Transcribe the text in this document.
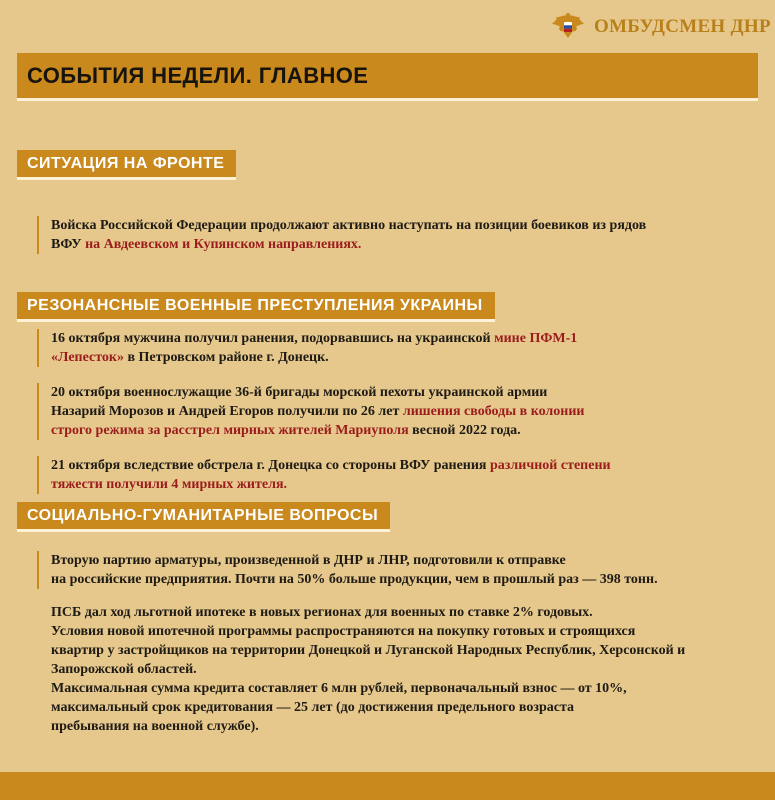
ОМБУДСМЕН ДНР
СОБЫТИЯ НЕДЕЛИ. ГЛАВНОЕ
СИТУАЦИЯ НА ФРОНТЕ
Войска Российской Федерации продолжают активно наступать на позиции боевиков из рядов
ВФУ на Авдеевском и Купянском направлениях.
РЕЗОНАНСНЫЕ ВОЕННЫЕ ПРЕСТУПЛЕНИЯ УКРАИНЫ
16 октября мужчина получил ранения, подорвавшись на украинской мине ПФМ-1
«Лепесток» в Петровском районе г. Донецк.
20 октября военнослужащие 36-й бригады морской пехоты украинской армии
Назарий Морозов и Андрей Егоров получили по 26 лет лишения свободы в колонии
строго режима за расстрел мирных жителей Мариуполя весной 2022 года.
21 октября вследствие обстрела г. Донецка со стороны ВФУ ранения различной степени
тяжести получили 4 мирных жителя.
СОЦИАЛЬНО-ГУМАНИТАРНЫЕ ВОПРОСЫ
Вторую партию арматуры, произведенной в ДНР и ЛНР, подготовили к отправке
на российские предприятия. Почти на 50% больше продукции, чем в прошлый раз — 398 тонн.
ПСБ дал ход льготной ипотеке в новых регионах для военных по ставке 2% годовых.
Условия новой ипотечной программы распространяются на покупку готовых и строящихся
квартир у застройщиков на территории Донецкой и Луганской Народных Республик, Херсонской и
Запорожской областей.
Максимальная сумма кредита составляет 6 млн рублей, первоначальный взнос — от 10%,
максимальный срок кредитования — 25 лет (до достижения предельного возраста
пребывания на военной службе).
